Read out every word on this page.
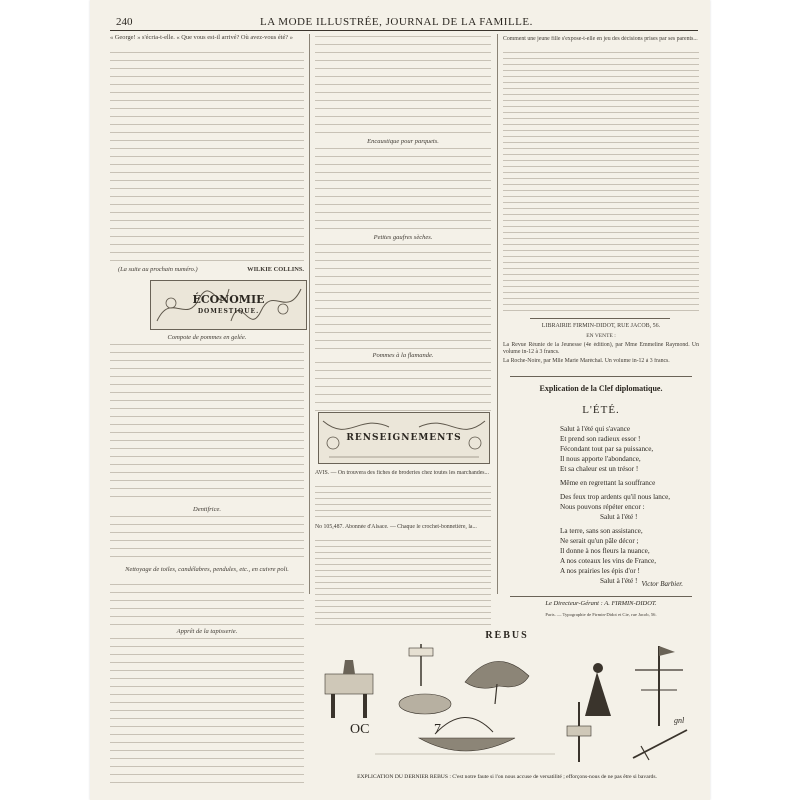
240	LA MODE ILLUSTRÉE, JOURNAL DE LA FAMILLE.
« George! » s'écria-t-elle. « Que vous est-il arrivé? Où avez-vous été? »
(La suite au prochain numéro.)	WILKIE COLLINS.
ÉCONOMIE
DOMESTIQUE.
Compote de pommes en gelée.
Dentifrice.
Nettoyage de toiles, candélabres, pendules, etc., en cuivre poli.
Apprêt de la tapisserie.
Encaustique pour parquets.
Petites gaufres sèches.
Pommes à la flamande.
RENSEIGNEMENTS
AVIS. — On trouvera des fiches de broderies chez toutes les marchandes...
No 105,487. Abonnée d'Alsace. — Chaque le crochet-bonnetière, la...
Comment une jeune fille s'expose-t-elle en jeu des décisions prises par ses parents...
LIBRAIRIE FIRMIN-DIDOT, RUE JACOB, 56.
EN VENTE :
La Revue Réunie de la Jeunesse (4e édition), par Mme Emmeline Raymond. Un volume in-12 à 3 francs.
La Roche-Noire, par Mlle Marie Maréchal. Un volume in-12 à 3 francs.
Explication de la Clef diplomatique.
L'ÉTÉ.
Salut à l'été qui s'avance
Et prend son radieux essor !
Fécondant tout par sa puissance,
Il nous apporte l'abondance,
Et sa chaleur est un trésor !
Même en regrettant la souffrance
Des feux trop ardents qu'il nous lance,
Nous pouvons répéter encor :
Salut à l'été !
La terre, sans son assistance,
Ne serait qu'un pâle décor ;
Il donne à nos fleurs la nuance,
A nos coteaux les vins de France,
A nos prairies les épis d'or !
Salut à l'été ! Victor Barbier.
Le Directeur-Gérant : A. FIRMIN-DIDOT.
Paris. — Typographie de Firmin-Didot et Cie, rue Jacob, 56.
RÉBUS
OC	7
gnl
EXPLICATION DU DERNIER RÉBUS : C'est notre faute si l'on nous accuse de versatilité ; efforçons-nous de ne pas être si bavards.
